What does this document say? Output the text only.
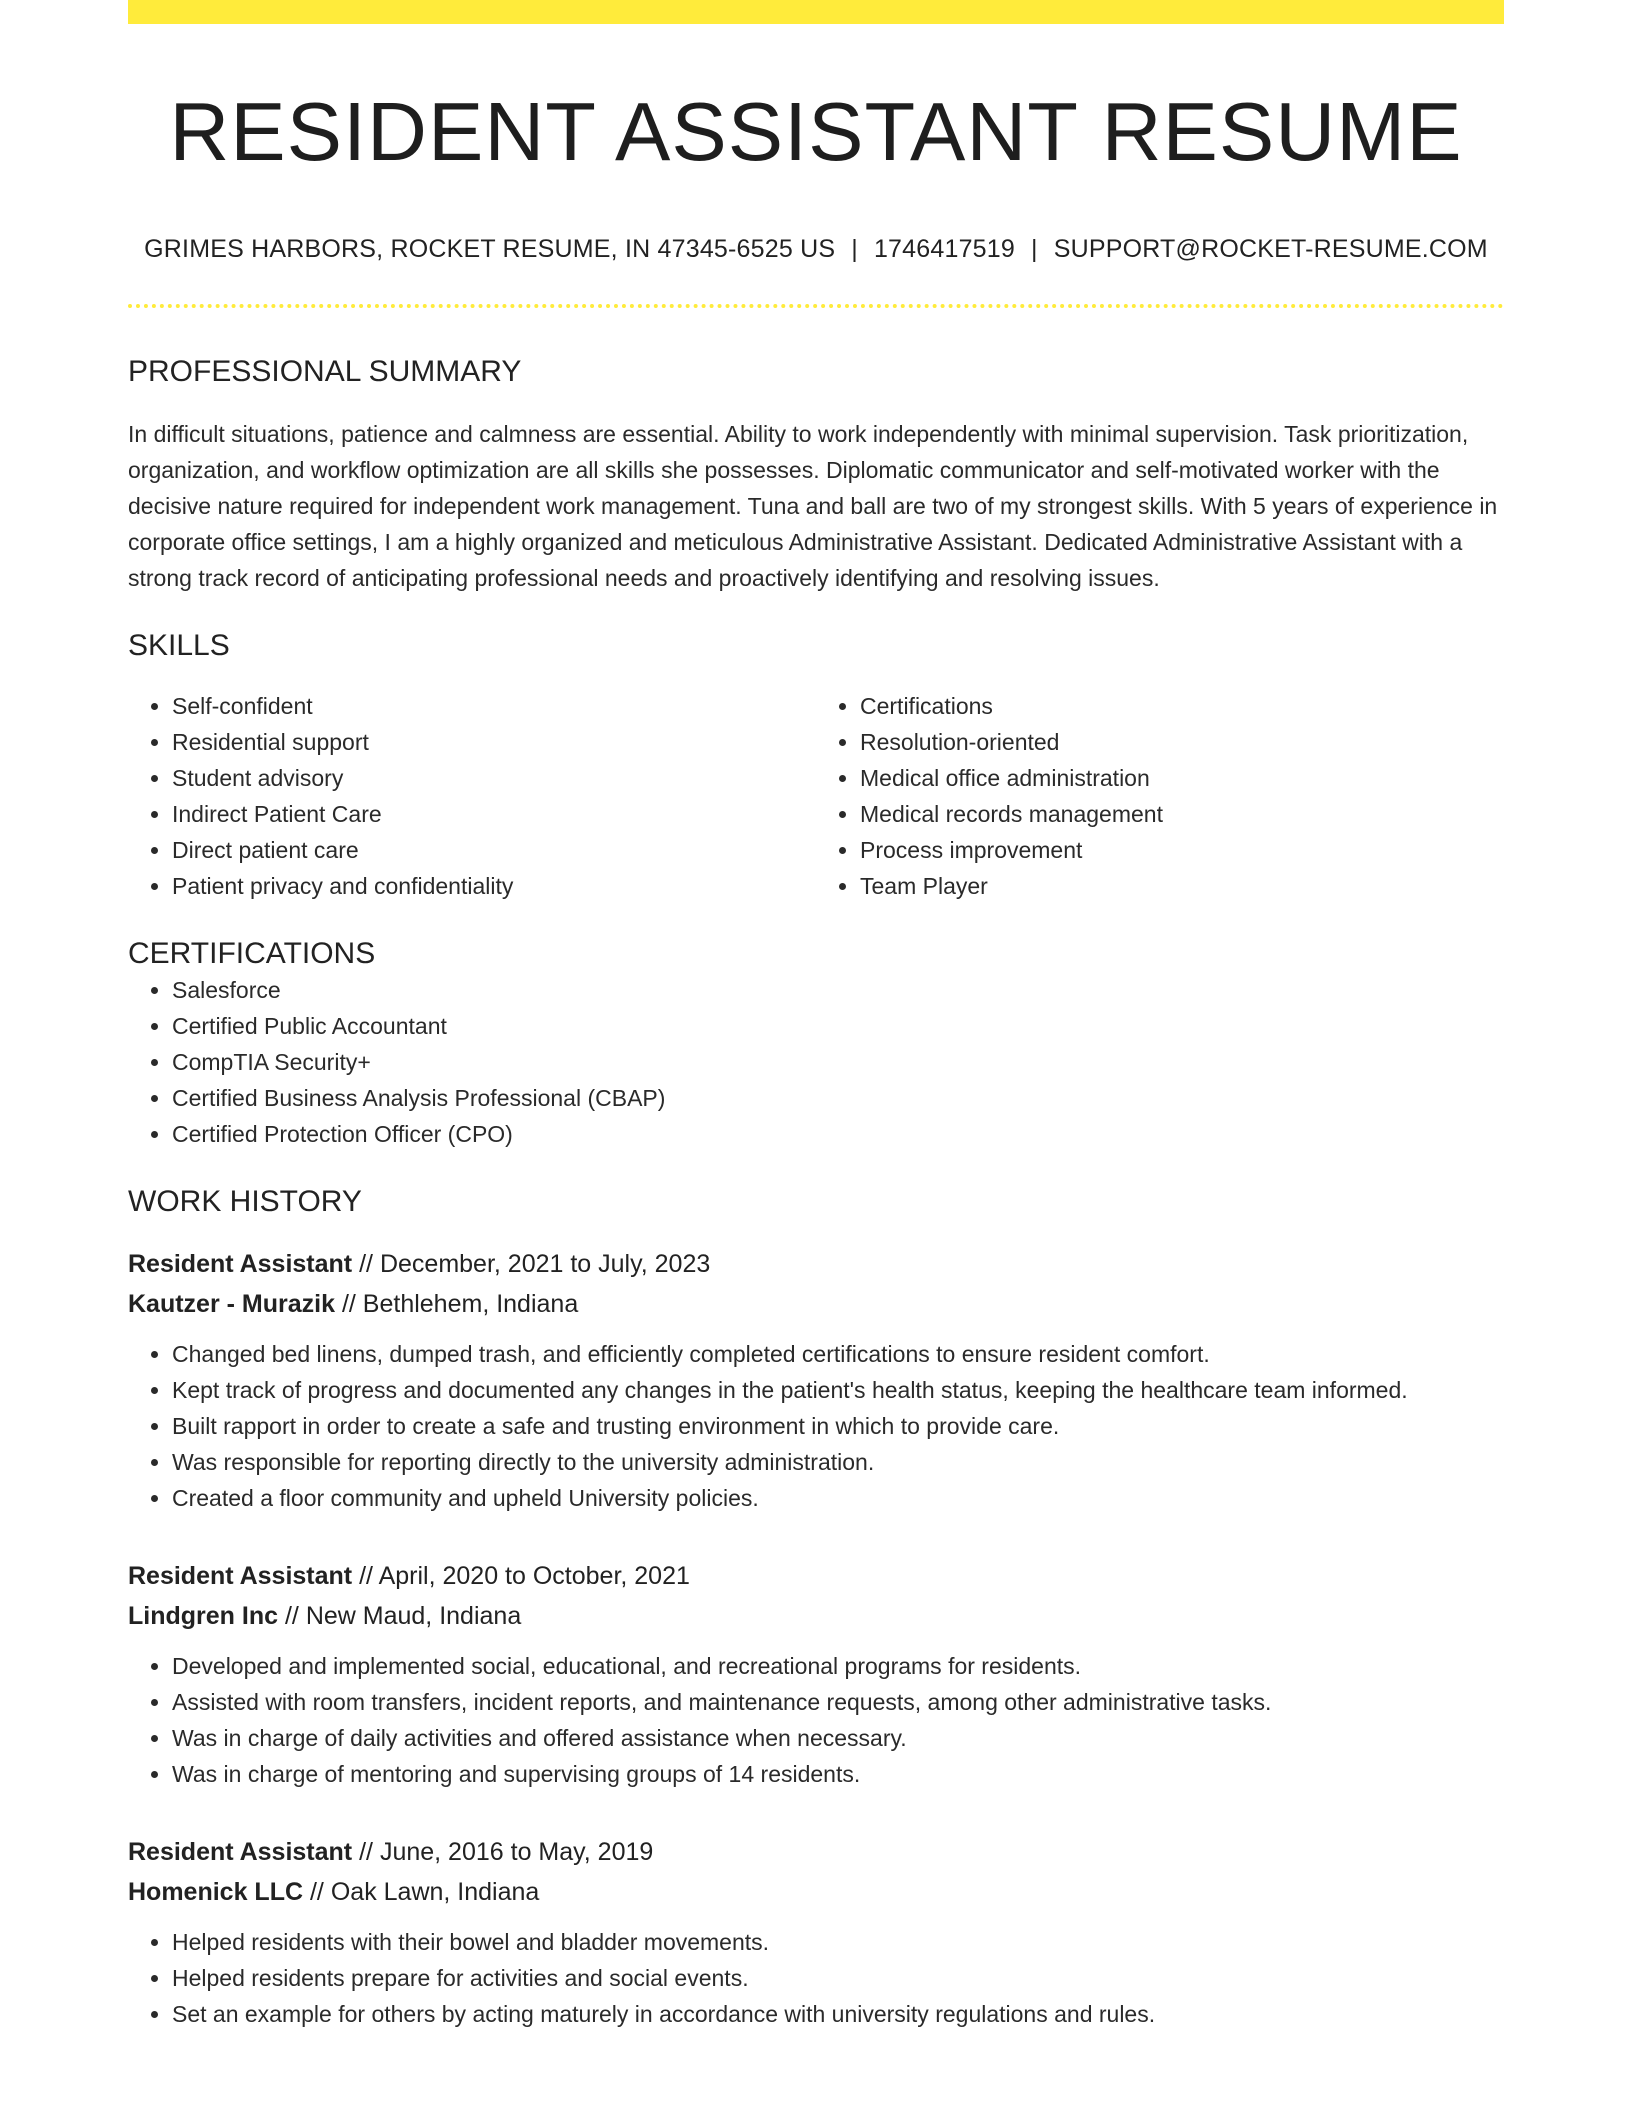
RESIDENT ASSISTANT RESUME
GRIMES HARBORS, ROCKET RESUME, IN 47345-6525 US | 1746417519 | SUPPORT@ROCKET-RESUME.COM
PROFESSIONAL SUMMARY
In difficult situations, patience and calmness are essential. Ability to work independently with minimal supervision. Task prioritization, organization, and workflow optimization are all skills she possesses. Diplomatic communicator and self-motivated worker with the decisive nature required for independent work management. Tuna and ball are two of my strongest skills. With 5 years of experience in corporate office settings, I am a highly organized and meticulous Administrative Assistant. Dedicated Administrative Assistant with a strong track record of anticipating professional needs and proactively identifying and resolving issues.
SKILLS
• Self-confident
• Residential support
• Student advisory
• Indirect Patient Care
• Direct patient care
• Patient privacy and confidentiality
• Certifications
• Resolution-oriented
• Medical office administration
• Medical records management
• Process improvement
• Team Player
CERTIFICATIONS
• Salesforce
• Certified Public Accountant
• CompTIA Security+
• Certified Business Analysis Professional (CBAP)
• Certified Protection Officer (CPO)
WORK HISTORY
Resident Assistant // December, 2021 to July, 2023
Kautzer - Murazik // Bethlehem, Indiana
• Changed bed linens, dumped trash, and efficiently completed certifications to ensure resident comfort.
• Kept track of progress and documented any changes in the patient's health status, keeping the healthcare team informed.
• Built rapport in order to create a safe and trusting environment in which to provide care.
• Was responsible for reporting directly to the university administration.
• Created a floor community and upheld University policies.
Resident Assistant // April, 2020 to October, 2021
Lindgren Inc // New Maud, Indiana
• Developed and implemented social, educational, and recreational programs for residents.
• Assisted with room transfers, incident reports, and maintenance requests, among other administrative tasks.
• Was in charge of daily activities and offered assistance when necessary.
• Was in charge of mentoring and supervising groups of 14 residents.
Resident Assistant // June, 2016 to May, 2019
Homenick LLC // Oak Lawn, Indiana
• Helped residents with their bowel and bladder movements.
• Helped residents prepare for activities and social events.
• Set an example for others by acting maturely in accordance with university regulations and rules.
